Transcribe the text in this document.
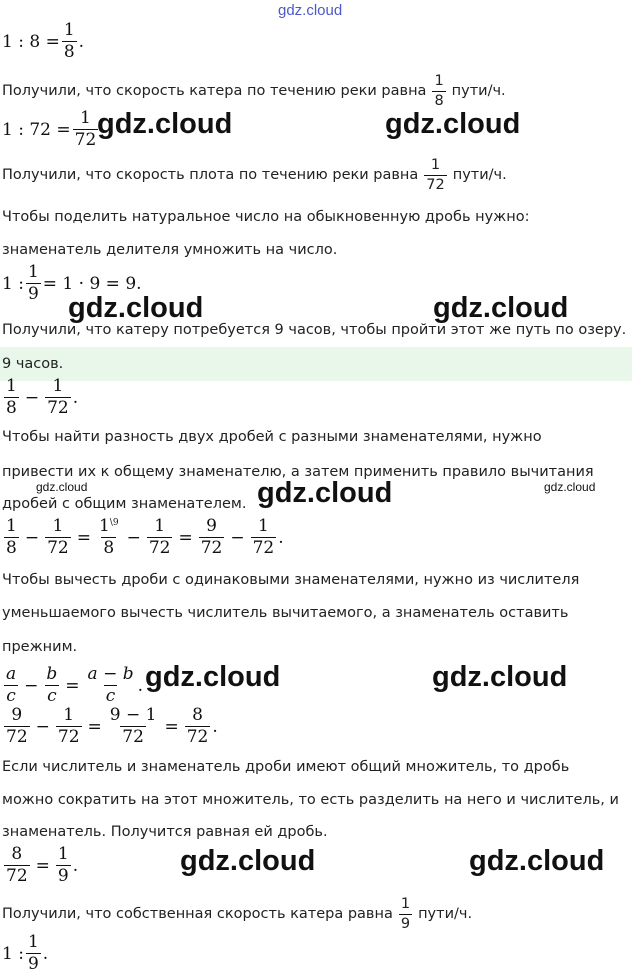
gdz.cloud
1 : $8 = \frac{1}{8}$ .
Получили, что скорость катера по течению реки равна $\frac{1}{8}$ пути/ч.
1 : $72 = \frac{1}{72}$
Получили, что скорость плота по течению реки равна $\frac{1}{72}$ пути/ч.
Чтобы поделить натуральное число на обыкновенную дробь нужно:
знаменатель делителя умножить на число.
1 : $\frac{1}{9} = 1 \cdot 9 = 9$.
Получили, что катеру потребуется 9 часов, чтобы пройти этот же путь по озеру.
9 часов.
$\frac{1}{8} - \frac{1}{72}$ .
Чтобы найти разность двух дробей с разными знаменателями, нужно
привести их к общему знаменателю, а затем применить правило вычитания
дробей с общим знаменателем.
$\frac{1}{8} - \frac{1}{72} = \frac{1^{\backslash 9}}{8} - \frac{1}{72} = \frac{9}{72} - \frac{1}{72}$ .
Чтобы вычесть дроби с одинаковыми знаменателями, нужно из числителя
уменьшаемого вычесть числитель вычитаемого, а знаменатель оставить
прежним.
$\frac{a}{c} - \frac{b}{c} = \frac{a - b}{c}$ .
$\frac{9}{72} - \frac{1}{72} = \frac{9 - 1}{72} = \frac{8}{72}$ .
Если числитель и знаменатель дроби имеют общий множитель, то дробь
можно сократить на этот множитель, то есть разделить на него и числитель, и
знаменатель. Получится равная ей дробь.
$\frac{8}{72} = \frac{1}{9}$ .
Получили, что собственная скорость катера равна $\frac{1}{9}$ пути/ч.
1 : $\frac{1}{9}$ .
gdz.cloud	gdz.cloud
gdz.cloud	gdz.cloud
gdz.cloud	gdz.cloud	gdz.cloud
gdz.cloud	gdz.cloud
gdz.cloud	gdz.cloud
